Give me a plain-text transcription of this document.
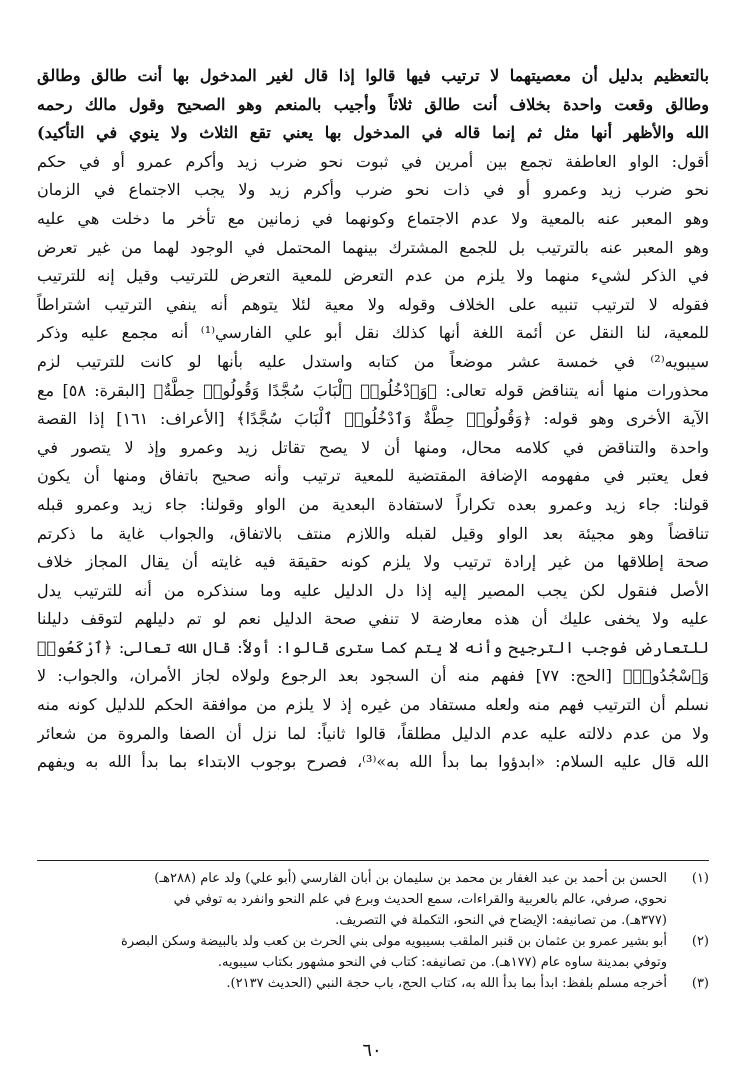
بالتعظيم بدليل أن معصيتهما لا ترتيب فيها قالوا إذا قال لغير المدخول بها أنت طالق وطالق
وطالق وقعت واحدة بخلاف أنت طالق ثلاثاً وأجيب بالمنعم وهو الصحيح وقول مالك رحمه
الله والأظهر أنها مثل ثم إنما قاله في المدخول بها يعني تقع الثلاث ولا ينوي في التأكيد)
أقول: الواو العاطفة تجمع بين أمرين في ثبوت نحو ضرب زيد وأكرم عمرو أو في حكم
نحو ضرب زيد وعمرو أو في ذات نحو ضرب وأكرم زيد ولا يجب الاجتماع في الزمان
وهو المعبر عنه بالمعية ولا عدم الاجتماع وكونهما في زمانين مع تأخر ما دخلت هي عليه
وهو المعبر عنه بالترتيب بل للجمع المشترك بينهما المحتمل في الوجود لهما من غير تعرض
في الذكر لشيء منهما ولا يلزم من عدم التعرض للمعية التعرض للترتيب وقيل إنه للترتيب
فقوله لا لترتيب تنبيه على الخلاف وقوله ولا معية لئلا يتوهم أنه ينفي الترتيب اشتراطاً
للمعية، لنا النقل عن أئمة اللغة أنها كذلك نقل أبو علي الفارسي⁽¹⁾ أنه مجمع عليه وذكر
سيبويه⁽²⁾ في خمسة عشر موضعاً من كتابه واستدل عليه بأنها لو كانت للترتيب لزم
محذورات منها أنه يتناقض قوله تعالى: ﴿وَٱدْخُلُوا۟ ٱلْبَابَ سُجَّدًا وَقُولُوا۟ حِطَّةٌ﴾ [البقرة: ٥٨] مع
الآية الأخرى وهو قوله: ﴿وَقُولُوا۟ حِطَّةٌ وَٱدْخُلُوا۟ ٱلْبَابَ سُجَّدًا﴾ [الأعراف: ١٦١] إذا القصة
واحدة والتناقض في كلامه محال، ومنها أن لا يصح تقاتل زيد وعمرو وإذ لا يتصور في
فعل يعتبر في مفهومه الإضافة المقتضية للمعية ترتيب وأنه صحيح باتفاق ومنها أن يكون
قولنا: جاء زيد وعمرو بعده تكراراً لاستفادة البعدية من الواو وقولنا: جاء زيد وعمرو قبله
تناقضاً وهو مجيئة بعد الواو وقيل لقبله واللازم منتف بالاتفاق، والجواب غاية ما ذكرتم
صحة إطلاقها من غير إرادة ترتيب ولا يلزم كونه حقيقة فيه غايته أن يقال المجاز خلاف
الأصل فنقول لكن يجب المصير إليه إذا دل الدليل عليه وما سنذكره من أنه للترتيب يدل
عليه ولا يخفى عليك أن هذه معارضة لا تنفي صحة الدليل نعم لو تم دليلهم لتوقف دليلنا
للتعارض فوجب الترجيح وأنه لا يتم كما سترى قالوا: أولاً: قال الله تعالى: ﴿ٱرْكَعُوا۟
وَٱسْجُدُوا۟﴾ [الحج: ٧٧] ففهم منه أن السجود بعد الرجوع ولولاه لجاز الأمران، والجواب: لا
نسلم أن الترتيب فهم منه ولعله مستفاد من غيره إذ لا يلزم من موافقة الحكم للدليل كونه منه
ولا من عدم دلالته عليه عدم الدليل مطلقاً، قالوا ثانياً: لما نزل أن الصفا والمروة من شعائر
الله قال عليه السلام: «ابدؤوا بما بدأ الله به»⁽³⁾، فصرح بوجوب الابتداء بما بدأ الله به ويفهم
(١)
الحسن بن أحمد بن عبد الغفار بن محمد بن سليمان بن أبان الفارسي (أبو علي) ولد عام (٢٨٨هـ)
نحوي، صرفي، عالم بالعربية والقراءات، سمع الحديث وبرع في علم النحو وانفرد به توفي في
(٣٧٧هـ). من تصانيفه: الإيضاح في النحو، التكملة في التصريف.
(٢)
أبو بشير عمرو بن عثمان بن قنبر الملقب بسيبويه مولى بني الحرث بن كعب ولد بالبيضة وسكن البصرة
وتوفي بمدينة ساوه عام (١٧٧هـ). من تصانيفه: كتاب في النحو مشهور بكتاب سيبويه.
(٣)
أخرجه مسلم بلفظ: ابدأ بما بدأ الله به، كتاب الحج، باب حجة النبي (الحديث ٢١٣٧).
٦٠
